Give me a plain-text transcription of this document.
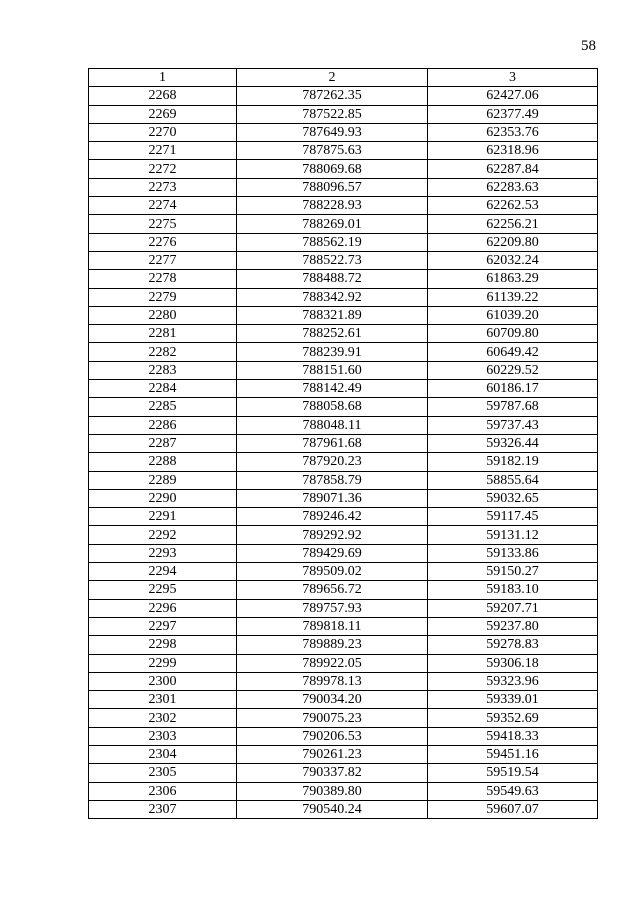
58
1	2	3
2268	787262.35	62427.06
2269	787522.85	62377.49
2270	787649.93	62353.76
2271	787875.63	62318.96
2272	788069.68	62287.84
2273	788096.57	62283.63
2274	788228.93	62262.53
2275	788269.01	62256.21
2276	788562.19	62209.80
2277	788522.73	62032.24
2278	788488.72	61863.29
2279	788342.92	61139.22
2280	788321.89	61039.20
2281	788252.61	60709.80
2282	788239.91	60649.42
2283	788151.60	60229.52
2284	788142.49	60186.17
2285	788058.68	59787.68
2286	788048.11	59737.43
2287	787961.68	59326.44
2288	787920.23	59182.19
2289	787858.79	58855.64
2290	789071.36	59032.65
2291	789246.42	59117.45
2292	789292.92	59131.12
2293	789429.69	59133.86
2294	789509.02	59150.27
2295	789656.72	59183.10
2296	789757.93	59207.71
2297	789818.11	59237.80
2298	789889.23	59278.83
2299	789922.05	59306.18
2300	789978.13	59323.96
2301	790034.20	59339.01
2302	790075.23	59352.69
2303	790206.53	59418.33
2304	790261.23	59451.16
2305	790337.82	59519.54
2306	790389.80	59549.63
2307	790540.24	59607.07
